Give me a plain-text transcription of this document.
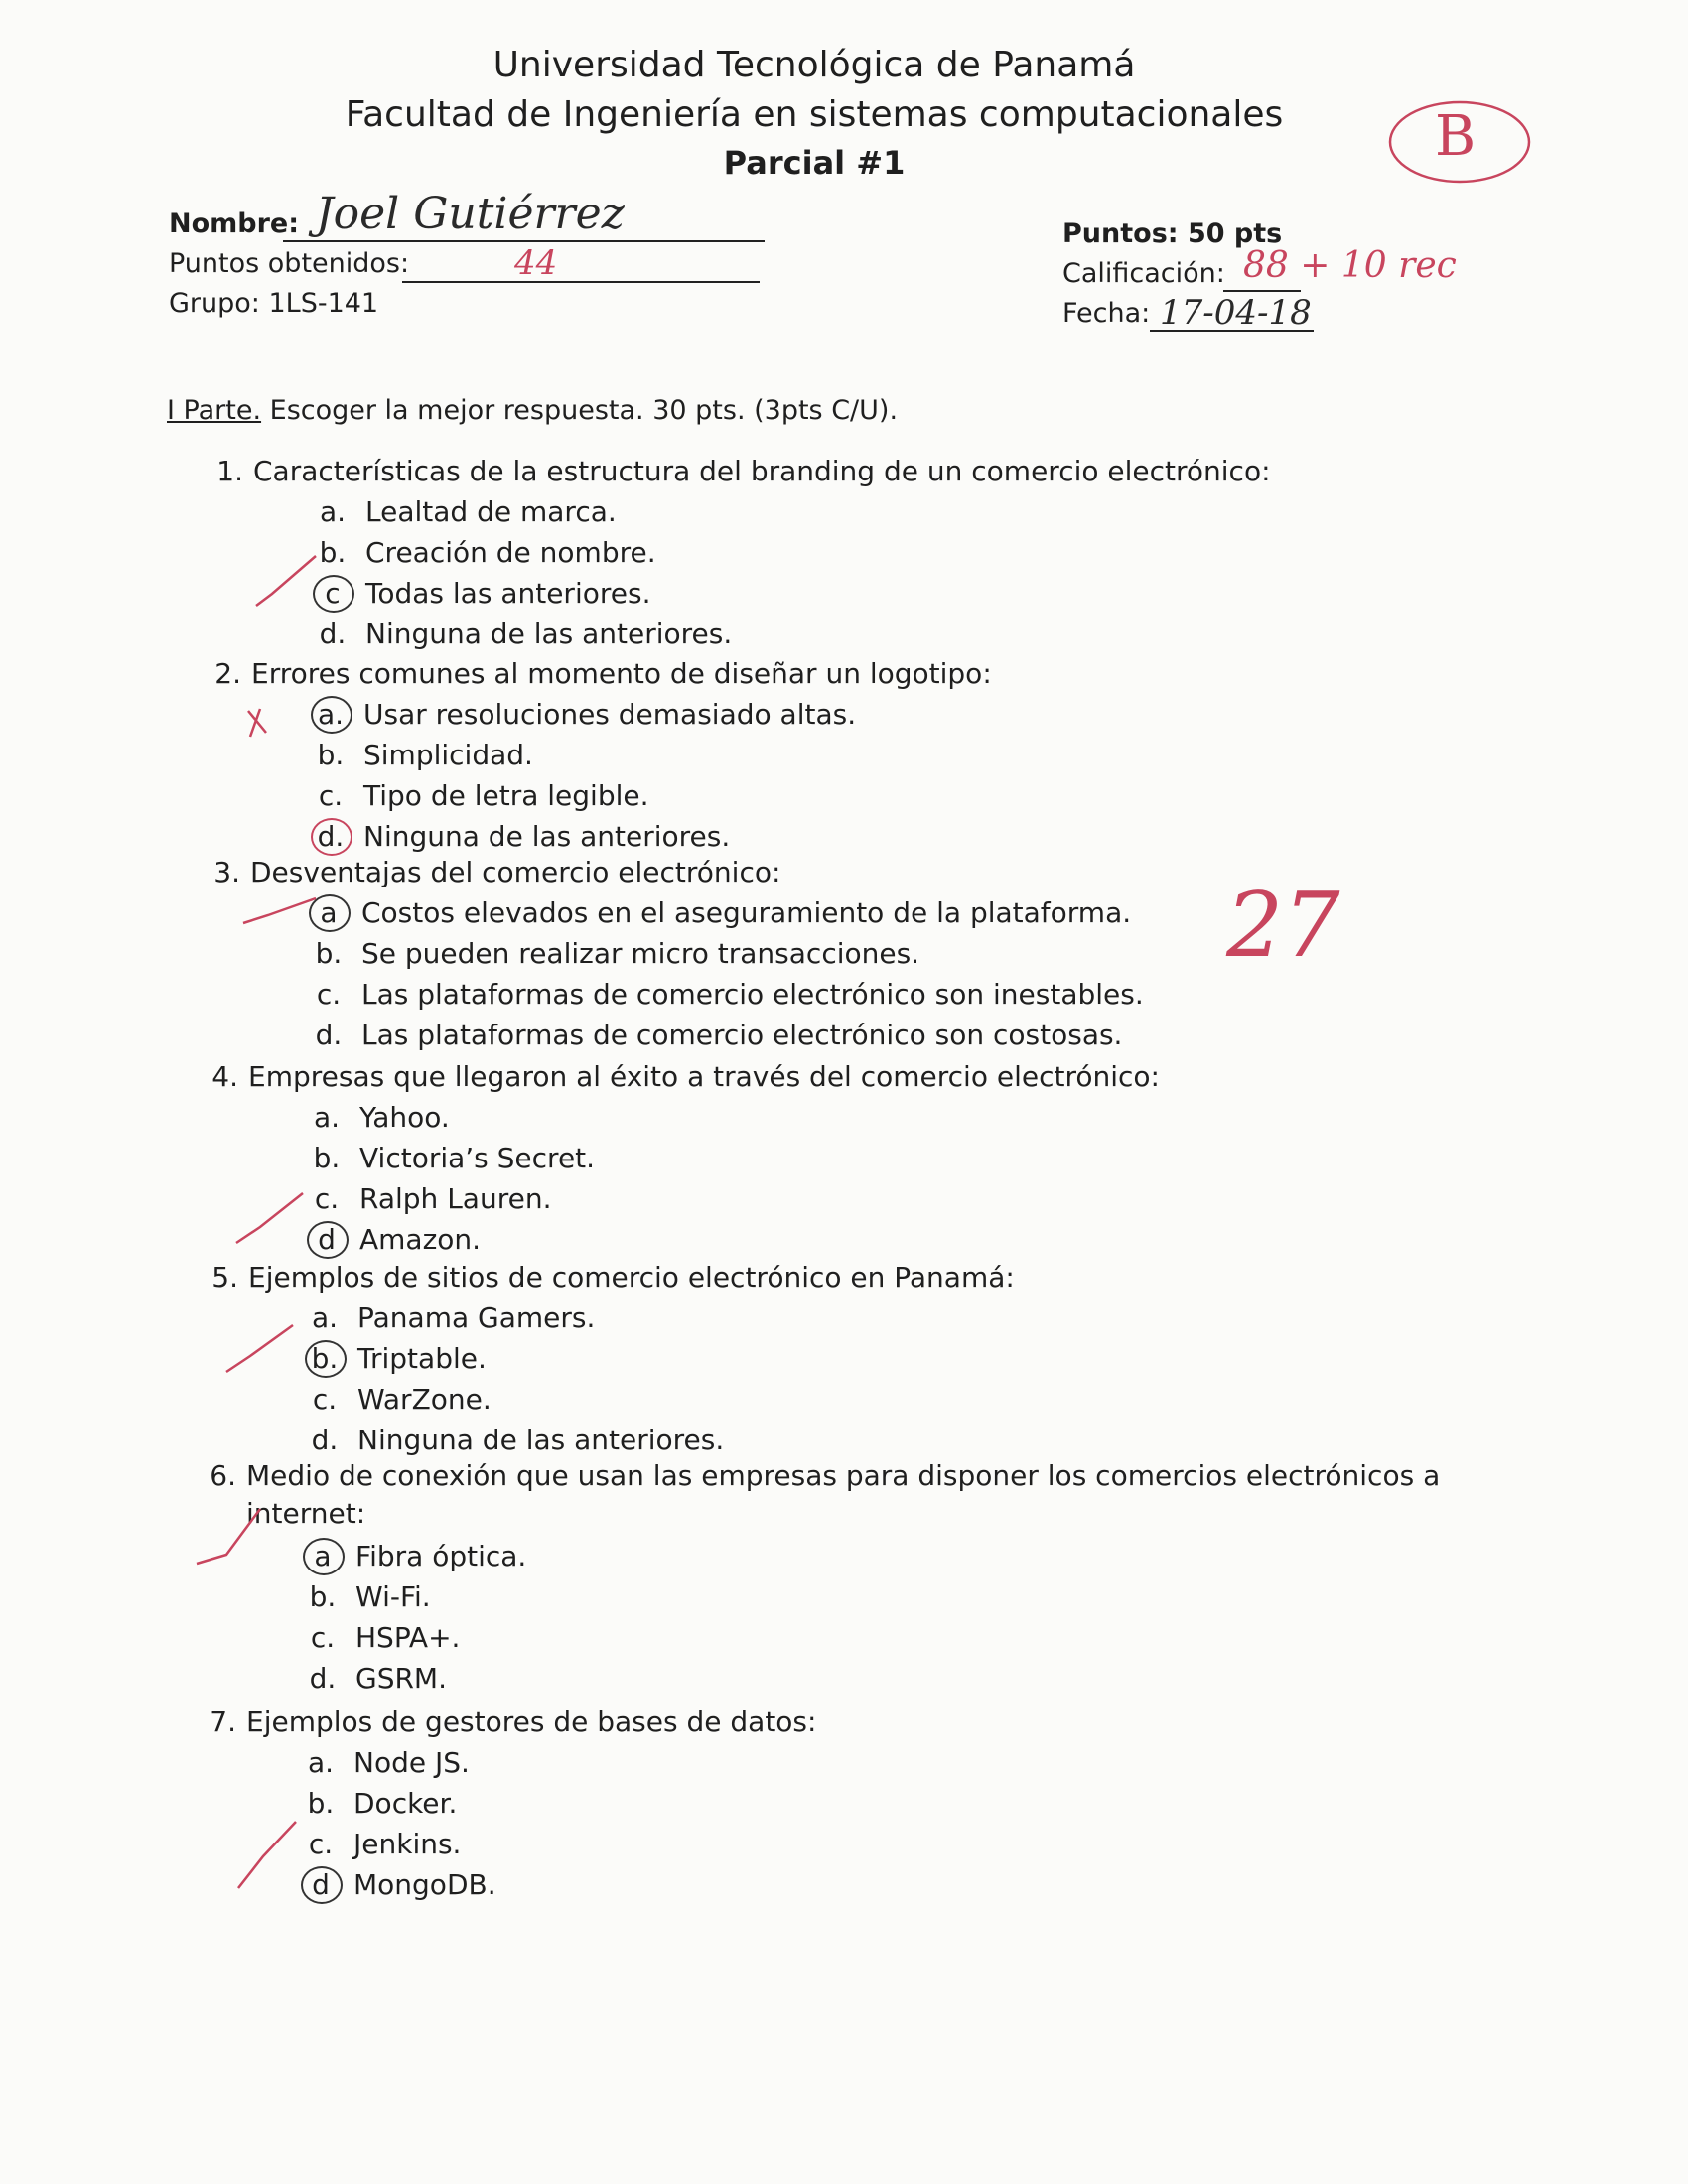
Universidad Tecnológica de Panamá
Facultad de Ingeniería en sistemas computacionales
Parcial #1	B
Nombre: Joel Gutiérrez
Puntos obtenidos:	44
Grupo: 1LS-141
Puntos: 50 pts
Calificación: 88 + 10 rec
Fecha: 17-04-18
I Parte. Escoger la mejor respuesta. 30 pts. (3pts C/U).
27
1. Características de la estructura del branding de un comercio electrónico:
a. Lealtad de marca.
b. Creación de nombre.
c Todas las anteriores.
d. Ninguna de las anteriores.
2. Errores comunes al momento de diseñar un logotipo:
a. Usar resoluciones demasiado altas.
b. Simplicidad.
c. Tipo de letra legible.
d. Ninguna de las anteriores.
3. Desventajas del comercio electrónico:
a Costos elevados en el aseguramiento de la plataforma.
b. Se pueden realizar micro transacciones.
c. Las plataformas de comercio electrónico son inestables.
d. Las plataformas de comercio electrónico son costosas.
4. Empresas que llegaron al éxito a través del comercio electrónico:
a. Yahoo.
b. Victoria’s Secret.
c. Ralph Lauren.
d Amazon.
5. Ejemplos de sitios de comercio electrónico en Panamá:
a. Panama Gamers.
b. Triptable.
c. WarZone.
d. Ninguna de las anteriores.
6. Medio de conexión que usan las empresas para disponer los comercios electrónicos a
internet:
a Fibra óptica.
b. Wi-Fi.
c. HSPA+.
d. GSRM.
7. Ejemplos de gestores de bases de datos:
a. Node JS.
b. Docker.
c. Jenkins.
d MongoDB.
